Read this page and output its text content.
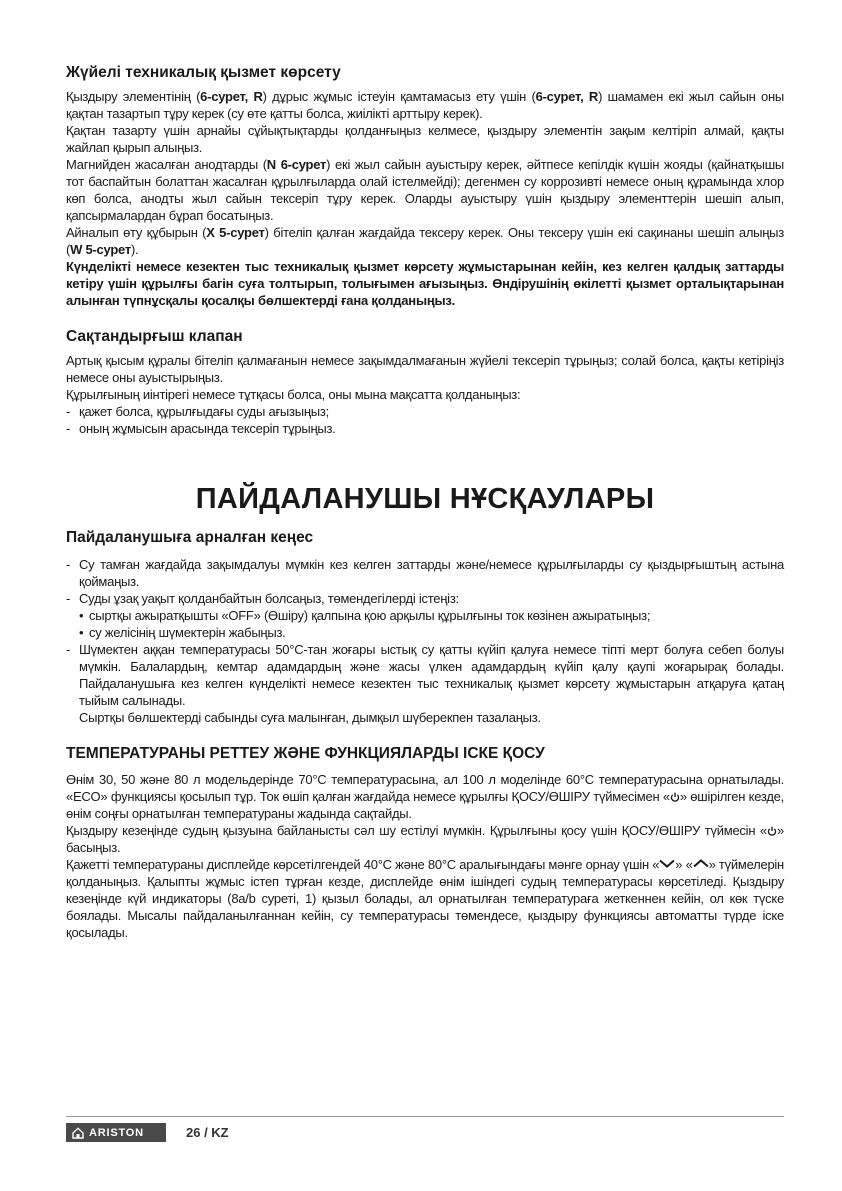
Жүйелі техникалық қызмет көрсету

Қыздыру элементінің (6-сурет, R) дұрыс жұмыс істеуін қамтамасыз ету үшін (6-сурет, R) шамамен екі жыл сайын оны қақтан тазартып тұру керек (су өте қатты болса, жиілікті арттыру керек).

Қақтан тазарту үшін арнайы сұйықтықтарды қолданғыңыз келмесе, қыздыру элементін зақым келтіріп алмай, қақты жайлап қырып алыңыз.

Магнийден жасалған анодтарды (N 6-сурет) екі жыл сайын ауыстыру керек, әйтпесе кепілдік күшін жояды (қайнатқышы тот баспайтын болаттан жасалған құрылғыларда олай істелмейді); дегенмен су коррозивті немесе оның құрамында хлор көп болса, анодты жыл сайын тексеріп тұру керек. Оларды ауыстыру үшін қыздыру элементтерін шешіп алып, қапсырмалардан бұрап босатыңыз.

Айналып өту құбырын (X 5-сурет) бітеліп қалған жағдайда тексеру керек. Оны тексеру үшін екі сақинаны шешіп алыңыз (W 5-сурет).

Күнделікті немесе кезектен тыс техникалық қызмет көрсету жұмыстарынан кейін, кез келген қалдық заттарды кетіру үшін құрылғы багін суға толтырып, толығымен ағызыңыз. Өндірушінің өкілетті қызмет орталықтарынан алынған түпнұсқалы қосалқы бөлшектерді ғана қолданыңыз.

Сақтандырғыш клапан

Артық қысым құралы бітеліп қалмағанын немесе зақымдалмағанын жүйелі тексеріп тұрыңыз; солай болса, қақты кетіріңіз немесе оны ауыстырыңыз.

Құрылғының иінтірегі немесе тұтқасы болса, оны мына мақсатта қолданыңыз:

- қажет болса, құрылғыдағы суды ағызыңыз;
- оның жұмысын арасында тексеріп тұрыңыз.
ПАЙДАЛАНУШЫ НҰСҚАУЛАРЫ
Пайдаланушыға арналған кеңес
- Су тамған жағдайда зақымдалуы мүмкін кез келген заттарды және/немесе құрылғыларды су қыздырғыштың астына қоймаңыз.
- Суды ұзақ уақыт қолданбайтын болсаңыз, төмендегілерді істеңіз:
• сыртқы ажыратқышты «OFF» (Өшіру) қалпына қою арқылы құрылғыны ток көзінен ажыратыңыз;
• су желісінің шүмектерін жабыңыз.
- Шүмектен аққан температурасы 50°C-тан жоғары ыстық су қатты күйіп қалуға немесе тіпті мерт болуға себеп болуы мүмкін. Балалардың, кемтар адамдардың және жасы үлкен адамдардың күйіп қалу қаупі жоғарырақ болады. Пайдаланушыға кез келген күнделікті немесе кезектен тыс техникалық қызмет көрсету жұмыстарын атқаруға қатаң тыйым салынады.
Сыртқы бөлшектерді сабынды суға малынған, дымқыл шүберекпен тазалаңыз.
ТЕМПЕРАТУРАНЫ РЕТТЕУ ЖӘНЕ ФУНКЦИЯЛАРДЫ ІСКЕ ҚОСУ

Өнім 30, 50 және 80 л модельдерінде 70°C температурасына, ал 100 л моделінде 60°C температурасына орнатылады. «ECO» функциясы қосылып тұр. Ток өшіп қалған жағдайда немесе құрылғы ҚОСУ/ӨШІРУ түймесімен « » өшірілген кезде, өнім соңғы орнатылған температураны жадында сақтайды.

Қыздыру кезеңінде судың қызуына байланысты сәл шу естілуі мүмкін. Құрылғыны қосу үшін ҚОСУ/ӨШІРУ түймесін « » басыңыз.

Қажетті температураны дисплейде көрсетілгендей 40°C және 80°C аралығындағы мәнге орнау үшін « » « » түймелерін қолданыңыз. Қалыпты жұмыс істеп тұрған кезде, дисплейде өнім ішіндегі судың температурасы көрсетіледі. Қыздыру кезеңінде күй индикаторы (8a/b суреті, 1) қызыл болады, ал орнатылған температураға жеткеннен кейін, ол көк түске боялады. Мысалы пайдаланылғаннан кейін, су температурасы төмендесе, қыздыру функциясы автоматты түрде іске қосылады.

ARISTON	26 / KZ
